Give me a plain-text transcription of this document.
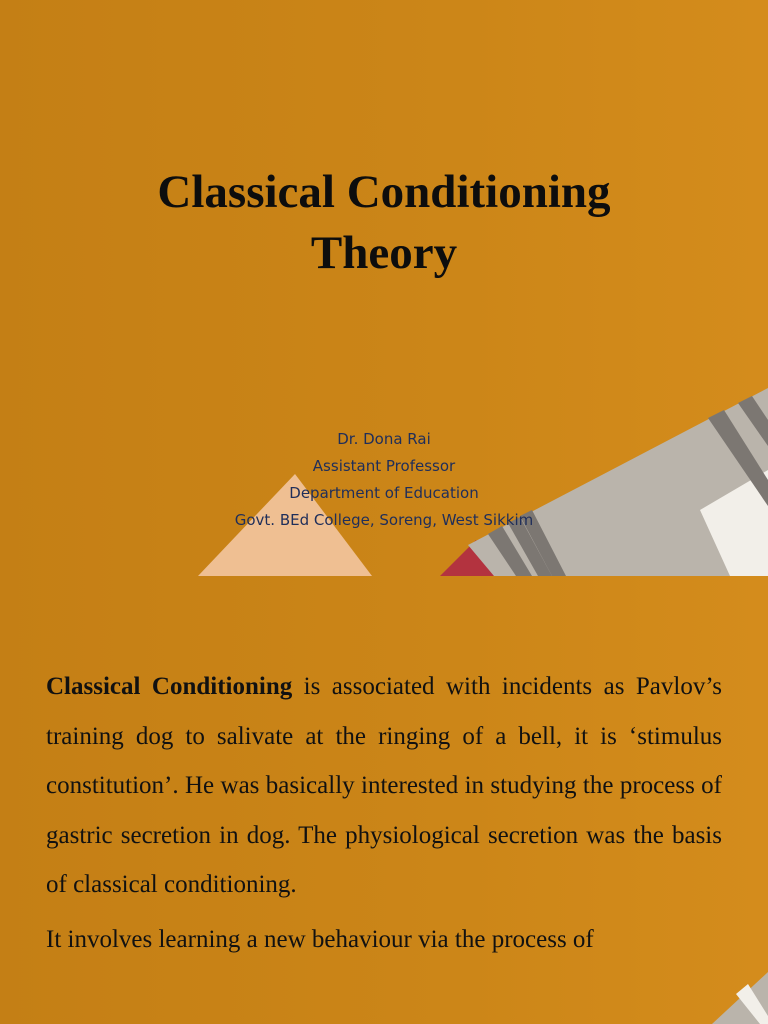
Classical Conditioning
Theory
Dr. Dona Rai
Assistant Professor
Department of Education
Govt. BEd College, Soreng, West Sikkim

Classical Conditioning is associated with incidents as Pavlov’s training dog to salivate at the ringing of a bell, it is ‘stimulus constitution’. He was basically interested in studying the process of gastric secretion in dog. The physiological secretion was the basis of classical conditioning.

It involves learning a new behaviour via the process of
